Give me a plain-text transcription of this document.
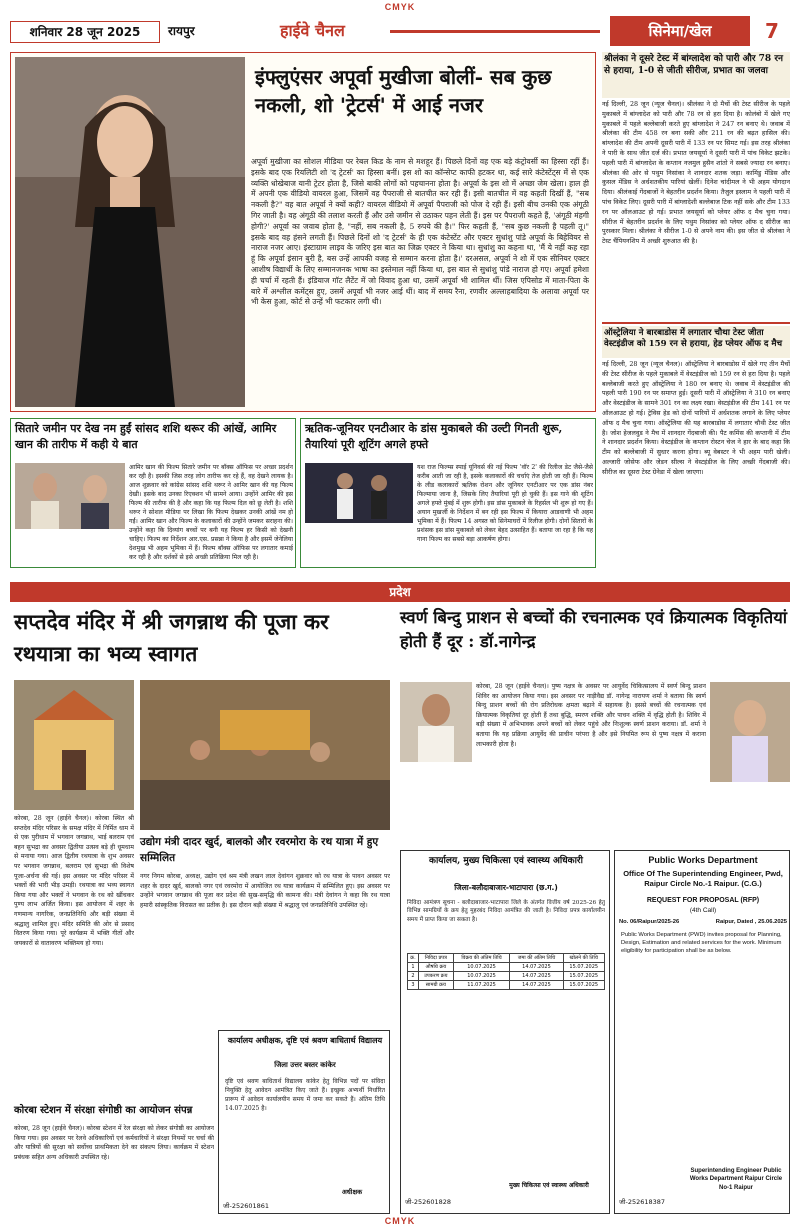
CMYK
शनिवार 28 जून 2025	रायपुर	हाईवे चैनल	सिनेमा/खेल	7
इंफ्लुएंसर अपूर्वा मुखीजा बोलीं- सब कुछ नकली, शो 'ट्रेटर्स' में आई नजर
अपूर्वा मुखीजा का सोशल मीडिया पर रेबल किड के नाम से मशहूर हैं। पिछले दिनों वह एक बड़े कंट्रोवर्सी का हिस्सा रहीं हैं। इसके बाद एक रियलिटी शो 'द ट्रेटर्स' का हिस्सा बनीं। इस शो का कॉन्सेप्ट काफी हटकर था, कई सारे कंटेस्टेंट्स में से एक व्यक्ति धोखेबाज यानी ट्रेटर होता है, जिसे बाकी लोगों को पहचानना होता है। अपूर्वा के इस शो में अच्छा जेम खेला। हाल ही में अपनी एक वीडियो वायरल हुआ, जिसमें वह पैपराजी से बातचीत कर रही हैं। इसी बातचीत में वह कहती दिखीं हैं, "सब नकली है?" वह बात अपूर्वा ने क्यों कही? वायरल वीडियो में अपूर्वा पैपराजी को पोज दे रही हैं। इसी बीच उनकी एक अंगूठी गिर जाती है। वह अंगूठी की तलाश करती हैं और उसे जमीन से उठाकर पहन लेती हैं। इस पर पैपराजी कहते हैं, 'अंगूठी मंहगी होगी?' अपूर्वा का जवाब होता है, "नहीं, सब नकली है, 5 रुपये की है।" फिर कहती हैं, "सब कुछ नकली है पहली तू।" इसके बाद वह हंसने लगती हैं। पिछले दिनों शो 'द ट्रेटर्स' के ही एक कंटेस्टेंट और एक्टर सुधांशु पांडे अपूर्वा के बिहेवियर से नाराज नजर आए। इंस्टाग्राम लाइव के जरिए इस बात का जिक्र एक्टर ने किया था। सुधांशु का कहना था, 'मैं ये नहीं कह रहा हूं कि अपूर्वा इंसान बुरी है, बस उन्हें आपकी वजह से सम्मान करना होता है।' दरअसल, अपूर्वा ने शो में एक सीनियर एक्टर आशीष विद्यार्थी के लिए सम्मानजनक भाषा का इस्तेमाल नहीं किया था, इस बात से सुधांशु पांडे नाराज हो गए। अपूर्वा हमेशा ही चर्चा में रहती हैं। इंडियाज गॉट लैटेंट में जो विवाद हुआ था, उसमें अपूर्वा भी शामिल थीं। जिस एपिसोड में माता-पिता के बारे में अश्लील कमेंट्स हुए, उसमें अपूर्वा भी नजर आई थीं। बाद में समय रैना, रणवीर अल्लाहबादिया के अलावा अपूर्वा पर भी केस हुआ, कोर्ट से उन्हें भी फटकार लगी थी।
श्रीलंका ने दूसरे टेस्ट में बांग्लादेश को पारी और 78 रन से हराया, 1-0 से जीती सीरीज, प्रभात का जलवा
नई दिल्ली, 28 जून (न्यूज चैनल)। श्रीलंका ने दो मैचों की टेस्ट सीरीज के पहले मुकाबले में बांग्लादेश को पारी और 78 रन से हरा दिया है। कोलंबो में खेले गए मुकाबले में पहले बल्लेबाजी करते हुए बांग्लादेश ने 247 रन बनाए थे। जवाब में श्रीलंका की टीम 458 रन बना सकी और 211 रन की बढ़त हासिल की। बांग्लादेश की टीम अपनी दूसरी पारी में 133 रन पर सिमट गई। इस तरह श्रीलंका ने पारी के साथ जीत दर्ज की। प्रभात जयसूर्या ने दूसरी पारी में पांच विकेट झटके। पहली पारी में बांग्लादेश के कप्तान नजमुल हुसैन शांतो ने सबसे ज्यादा रन बनाए। श्रीलंका की ओर से पथुम निसांका ने शानदार शतक जड़ा। कामिंडु मेंडिस और कुसल मेंडिस ने अर्धशतकीय पारियां खेलीं। दिनेश चांदीमल ने भी अहम योगदान दिया। श्रीलंकाई गेंदबाजों ने बेहतरीन प्रदर्शन किया। तैजुल इस्लाम ने पहली पारी में पांच विकेट लिए। दूसरी पारी में बांग्लादेशी बल्लेबाज टिक नहीं सके और टीम 133 रन पर ऑलआउट हो गई। प्रभात जयसूर्या को प्लेयर ऑफ द मैच चुना गया। सीरीज में बेहतरीन प्रदर्शन के लिए पथुम निसांका को प्लेयर ऑफ द सीरीज का पुरस्कार मिला। श्रीलंका ने सीरीज 1-0 से अपने नाम की। इस जीत से श्रीलंका ने टेस्ट चैंपियनशिप में अच्छी शुरुआत की है।
ऑस्ट्रेलिया ने बारबाडोस में लगातार चौथा टेस्ट जीता वेस्टइंडीज को 159 रन से हराया, हेड प्लेयर ऑफ द मैच
नई दिल्ली, 28 जून (न्यूज चैनल)। ऑस्ट्रेलिया ने बारबाडोस में खेले गए तीन मैचों की टेस्ट सीरीज के पहले मुकाबले में वेस्टइंडीज को 159 रन से हरा दिया है। पहले बल्लेबाजी करते हुए ऑस्ट्रेलिया ने 180 रन बनाए थे। जवाब में वेस्टइंडीज की पहली पारी 190 रन पर समाप्त हुई। दूसरी पारी में ऑस्ट्रेलिया ने 310 रन बनाए और वेस्टइंडीज के सामने 301 रन का लक्ष्य रखा। वेस्टइंडीज की टीम 141 रन पर ऑलआउट हो गई। ट्रेविस हेड को दोनों पारियों में अर्धशतक लगाने के लिए प्लेयर ऑफ द मैच चुना गया। ऑस्ट्रेलिया की यह बारबाडोस में लगातार चौथी टेस्ट जीत है। जोश हेजलवुड ने मैच में शानदार गेंदबाजी की। पैट कमिंस की कप्तानी में टीम ने शानदार प्रदर्शन किया। वेस्टइंडीज के कप्तान रोस्टन चेज ने हार के बाद कहा कि टीम को बल्लेबाजी में सुधार करना होगा। ब्यू वेबस्टर ने भी अहम पारी खेली। अल्जारी जोसेफ और जेडन सील्स ने वेस्टइंडीज के लिए अच्छी गेंदबाजी की। सीरीज का दूसरा टेस्ट ग्रेनेडा में खेला जाएगा।
सितारे जमीन पर देख नम हुईं सांसद शशि थरूर की आंखें, आमिर खान की तारीफ में कही ये बात
आमिर खान की फिल्म सितारे जमीन पर बॉक्स ऑफिस पर अच्छा प्रदर्शन कर रही है। इसकी जिस तरह लोग तारीफ कर रहे हैं, वह देखने लायक है। आज शुक्रवार को कांग्रेस सांसद शशि थरूर ने आमिर खान की यह फिल्म देखी। इसके बाद उनका रिएक्शन भी सामने आया। उन्होंने आमिर की इस फिल्म की तारीफ की है और कहा कि यह फिल्म दिल को छू लेती है। शशि थरूर ने सोशल मीडिया पर लिखा कि फिल्म देखकर उनकी आंखें नम हो गईं। आमिर खान और फिल्म के कलाकारों की उन्होंने जमकर सराहना की। उन्होंने कहा कि दिव्यांग बच्चों पर बनी यह फिल्म हर किसी को देखनी चाहिए। फिल्म का निर्देशन आर.एस. प्रसन्ना ने किया है और इसमें जेनेलिया देशमुख भी अहम भूमिका में हैं। फिल्म बॉक्स ऑफिस पर लगातार कमाई कर रही है और दर्शकों से इसे अच्छी प्रतिक्रिया मिल रही है।
ऋतिक-जूनियर एनटीआर के डांस मुकाबले की उल्टी गिनती शुरू, तैयारियां पूरी शूटिंग अगले हफ्ते
यश राज फिल्म्स स्पाई यूनिवर्स की नई फिल्म 'वॉर 2' की रिलीज डेट जैसे-जैसे करीब आती जा रही है, इसके कलाकारों की चर्चाएं तेज होती जा रही हैं। फिल्म के लीड कलाकारों ऋतिक रोशन और जूनियर एनटीआर पर एक डांस नंबर फिल्माया जाना है, जिसके लिए तैयारियां पूरी हो चुकी हैं। इस गाने की शूटिंग अगले हफ्ते मुंबई में शुरू होगी। इस डांस मुकाबले के रिहर्सल भी शुरू हो गए हैं। अयान मुखर्जी के निर्देशन में बन रही इस फिल्म में कियारा आडवाणी भी अहम भूमिका में हैं। फिल्म 14 अगस्त को सिनेमाघरों में रिलीज होगी। दोनों सितारों के प्रशंसक इस डांस मुकाबले को लेकर बेहद उत्साहित हैं। बताया जा रहा है कि यह गाना फिल्म का सबसे बड़ा आकर्षण होगा।
प्रदेश
सप्तदेव मंदिर में श्री जगन्नाथ की पूजा कर रथयात्रा का भव्य स्वागत
कोरबा, 28 जून (हाईवे चैनल)। कोरबा स्थित श्री सप्तदेव मंदिर परिसर के समक्ष मंदिर में निर्मित धाम में से एक पुरीधाम में भगवान जगन्नाथ, भाई बलराम एवं बहन सुभद्रा का अवसर द्वितीया उत्सव बड़े ही धूमधाम से मनाया गया। आज द्वितीय रथयात्रा के शुभ अवसर पर भगवान जगन्नाथ, बलराम एवं सुभद्रा की विशेष पूजा-अर्चना की गई। इस अवसर पर मंदिर परिसर में भक्तों की भारी भीड़ उमड़ी। रथयात्रा का भव्य स्वागत किया गया और भक्तों ने भगवान के रथ को खींचकर पुण्य लाभ अर्जित किया। इस आयोजन में शहर के गणमान्य नागरिक, जनप्रतिनिधि और बड़ी संख्या में श्रद्धालु शामिल हुए। मंदिर समिति की ओर से प्रसाद वितरण किया गया। पूरे कार्यक्रम में भक्ति गीतों और जयकारों से वातावरण भक्तिमय हो गया।
उद्योग मंत्री दादर खुर्द, बालको और रवरमोरा के रथ यात्रा में हुए सम्मिलित
नगर निगम कोरबा, अध्यक्ष, उद्योग एवं श्रम मंत्री लखन लाल देवांगन शुक्रवार को रथ यात्रा के पावन अवसर पर शहर के दादर खुर्द, बालको नगर एवं रवरमोरा में आयोजित रथ यात्रा कार्यक्रम में सम्मिलित हुए। इस अवसर पर उन्होंने भगवान जगन्नाथ की पूजा कर प्रदेश की सुख-समृद्धि की कामना की। मंत्री देवांगन ने कहा कि रथ यात्रा हमारी सांस्कृतिक विरासत का प्रतीक है। इस दौरान बड़ी संख्या में श्रद्धालु एवं जनप्रतिनिधि उपस्थित रहे।
कोरबा स्टेशन में संरक्षा संगोष्ठी का आयोजन संपन्न
कोरबा, 28 जून (हाईवे चैनल)। कोरबा स्टेशन में रेल संरक्षा को लेकर संगोष्ठी का आयोजन किया गया। इस अवसर पर रेलवे अधिकारियों एवं कर्मचारियों ने संरक्षा नियमों पर चर्चा की और यात्रियों की सुरक्षा को सर्वोच्च प्राथमिकता देने का संकल्प लिया। कार्यक्रम में स्टेशन प्रबंधक सहित अन्य अधिकारी उपस्थित रहे।
कार्यालय अधीक्षक, दृष्टि एवं श्रवण बाधितार्थ विद्यालय
जिला उत्तर बस्तर कांकेर
दृष्टि एवं श्रवण बाधितार्थ विद्यालय कांकेर हेतु विभिन्न पदों पर संविदा नियुक्ति हेतु आवेदन आमंत्रित किए जाते हैं। इच्छुक अभ्यर्थी निर्धारित प्रारूप में आवेदन कार्यालयीन समय में जमा कर सकते हैं। अंतिम तिथि 14.07.2025 है।
अधीक्षक
जी-252601861
स्वर्ण बिन्दु प्राशन से बच्चों की रचनात्मक एवं क्रियात्मक विकृतियां होती हैं दूर : डॉ.नागेन्द्र
कोरबा, 28 जून (हाईवे चैनल)। पुष्य नक्षत्र के अवसर पर आयुर्वेद चिकित्सालय में स्वर्ण बिन्दु प्राशन शिविर का आयोजन किया गया। इस अवसर पर नाड़ीवैद्य डॉ. नागेन्द्र नारायण शर्मा ने बताया कि स्वर्ण बिन्दु प्राशन बच्चों की रोग प्रतिरोधक क्षमता बढ़ाने में सहायक है। इससे बच्चों की रचनात्मक एवं क्रियात्मक विकृतियां दूर होती हैं तथा बुद्धि, स्मरण शक्ति और पाचन शक्ति में वृद्धि होती है। शिविर में बड़ी संख्या में अभिभावक अपने बच्चों को लेकर पहुंचे और निःशुल्क स्वर्ण प्राशन कराया। डॉ. शर्मा ने बताया कि यह प्रक्रिया आयुर्वेद की प्राचीन परंपरा है और इसे नियमित रूप से पुष्य नक्षत्र में कराना लाभकारी होता है।
कार्यालय, मुख्य चिकित्सा एवं स्वास्थ्य अधिकारी
जिला-बलौदाबाजार-भाटापारा (छ.ग.)
निविदा आमंत्रण सूचना - बलौदाबाजार-भाटापारा जिले के अंतर्गत वित्तीय वर्ष 2025-26 हेतु विभिन्न सामग्रियों के क्रय हेतु मुहरबंद निविदा आमंत्रित की जाती है। निविदा प्रपत्र कार्यालयीन समय में प्राप्त किया जा सकता है।
क्र.	निविदा प्रपत्र	विक्रय की अंतिम तिथि	जमा की अंतिम तिथि	खोलने की तिथि
1	औषधि क्रय	10.07.2025	14.07.2025	15.07.2025
2	उपकरण क्रय	10.07.2025	14.07.2025	15.07.2025
3	सामग्री क्रय	11.07.2025	14.07.2025	15.07.2025
मुख्य चिकित्सा एवं स्वास्थ्य अधिकारी
जी-252601828
Public Works Department
Office Of The Superintending Engineer, Pwd, Raipur Circle No.-1 Raipur. (C.G.)
REQUEST FOR PROPOSAL (RFP)
(4th Call)
No. 06/Raipur/2025-26	Raipur, Dated , 25.06.2025
Public Works Department (PWD) invites proposal for Planning, Design, Estimation and related services for the work. Minimum eligibility for participation shall be as below.
Superintending Engineer Public Works Department Raipur Circle No-1 Raipur
जी-252618387
CMYK
